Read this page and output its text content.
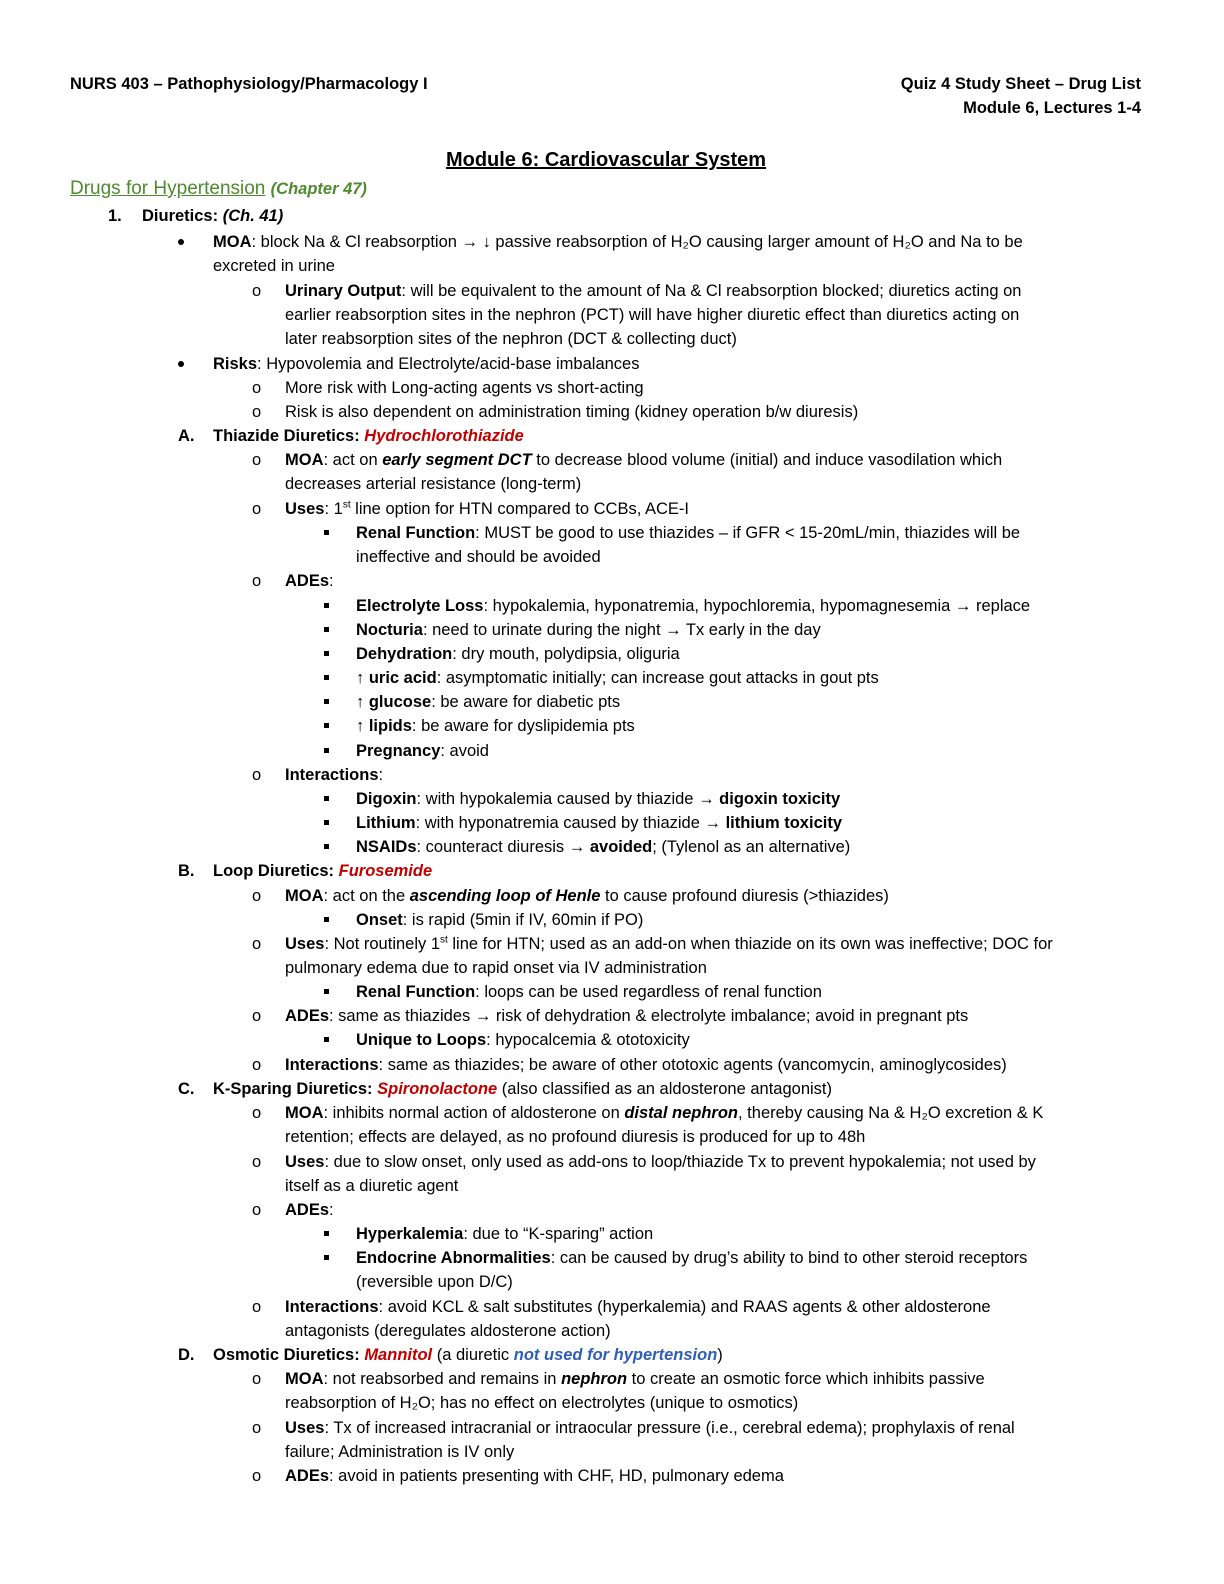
NURS 403 – Pathophysiology/Pharmacology I	Quiz 4 Study Sheet – Drug List
Module 6, Lectures 1-4
Module 6: Cardiovascular System
Drugs for Hypertension (Chapter 47)
1. Diuretics: (Ch. 41)
MOA: block Na & Cl reabsorption → ↓ passive reabsorption of H₂O causing larger amount of H₂O and Na to be
excreted in urine
o Urinary Output: will be equivalent to the amount of Na & Cl reabsorption blocked; diuretics acting on
earlier reabsorption sites in the nephron (PCT) will have higher diuretic effect than diuretics acting on
later reabsorption sites of the nephron (DCT & collecting duct)
Risks: Hypovolemia and Electrolyte/acid-base imbalances
o More risk with Long-acting agents vs short-acting
o Risk is also dependent on administration timing (kidney operation b/w diuresis)
A. Thiazide Diuretics: Hydrochlorothiazide
o MOA: act on early segment DCT to decrease blood volume (initial) and induce vasodilation which
decreases arterial resistance (long-term)
o Uses: 1st line option for HTN compared to CCBs, ACE-I
Renal Function: MUST be good to use thiazides – if GFR < 15-20mL/min, thiazides will be
ineffective and should be avoided
o ADEs:
Electrolyte Loss: hypokalemia, hyponatremia, hypochloremia, hypomagnesemia → replace
Nocturia: need to urinate during the night → Tx early in the day
Dehydration: dry mouth, polydipsia, oliguria
↑ uric acid: asymptomatic initially; can increase gout attacks in gout pts
↑ glucose: be aware for diabetic pts
↑ lipids: be aware for dyslipidemia pts
Pregnancy: avoid
o Interactions:
Digoxin: with hypokalemia caused by thiazide → digoxin toxicity
Lithium: with hyponatremia caused by thiazide → lithium toxicity
NSAIDs: counteract diuresis → avoided; (Tylenol as an alternative)
B. Loop Diuretics: Furosemide
o MOA: act on the ascending loop of Henle to cause profound diuresis (>thiazides)
Onset: is rapid (5min if IV, 60min if PO)
o Uses: Not routinely 1st line for HTN; used as an add-on when thiazide on its own was ineffective; DOC for
pulmonary edema due to rapid onset via IV administration
Renal Function: loops can be used regardless of renal function
o ADEs: same as thiazides → risk of dehydration & electrolyte imbalance; avoid in pregnant pts
Unique to Loops: hypocalcemia & ototoxicity
o Interactions: same as thiazides; be aware of other ototoxic agents (vancomycin, aminoglycosides)
C. K-Sparing Diuretics: Spironolactone (also classified as an aldosterone antagonist)
o MOA: inhibits normal action of aldosterone on distal nephron, thereby causing Na & H₂O excretion & K
retention; effects are delayed, as no profound diuresis is produced for up to 48h
o Uses: due to slow onset, only used as add-ons to loop/thiazide Tx to prevent hypokalemia; not used by
itself as a diuretic agent
o ADEs:
Hyperkalemia: due to “K-sparing” action
Endocrine Abnormalities: can be caused by drug’s ability to bind to other steroid receptors
(reversible upon D/C)
o Interactions: avoid KCL & salt substitutes (hyperkalemia) and RAAS agents & other aldosterone
antagonists (deregulates aldosterone action)
D. Osmotic Diuretics: Mannitol (a diuretic not used for hypertension)
o MOA: not reabsorbed and remains in nephron to create an osmotic force which inhibits passive
reabsorption of H₂O; has no effect on electrolytes (unique to osmotics)
o Uses: Tx of increased intracranial or intraocular pressure (i.e., cerebral edema); prophylaxis of renal
failure; Administration is IV only
o ADEs: avoid in patients presenting with CHF, HD, pulmonary edema
